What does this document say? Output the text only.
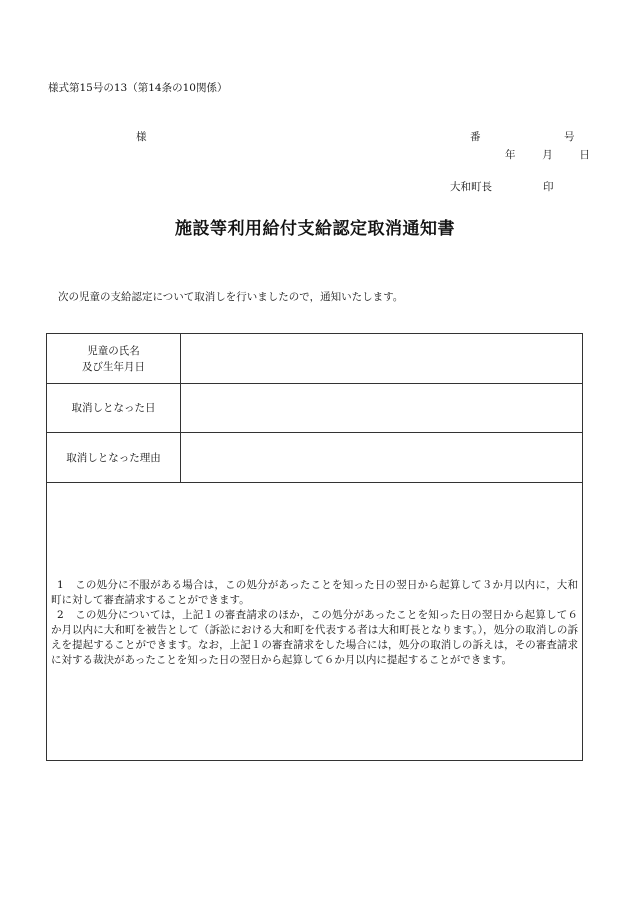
様式第15号の13（第14条の10関係）
様	番	号
年	月	日
大和町長	印
施設等利用給付支給認定取消通知書
次の児童の支給認定について取消しを行いましたので，通知いたします。
児童の氏名
及び生年月日	

取消しとなった日	
取消しとなった理由	

1 この処分に不服がある場合は，この処分があったことを知った日の翌日から起算して３か月以内に，大和町に対して審査請求することができます。
2 この処分については，上記１の審査請求のほか，この処分があったことを知った日の翌日から起算して６か月以内に大和町を被告として（訴訟における大和町を代表する者は大和町長となります。），処分の取消しの訴えを提起することができます。なお，上記１の審査請求をした場合には，処分の取消しの訴えは，その審査請求に対する裁決があったことを知った日の翌日から起算して６か月以内に提起することができます。	
